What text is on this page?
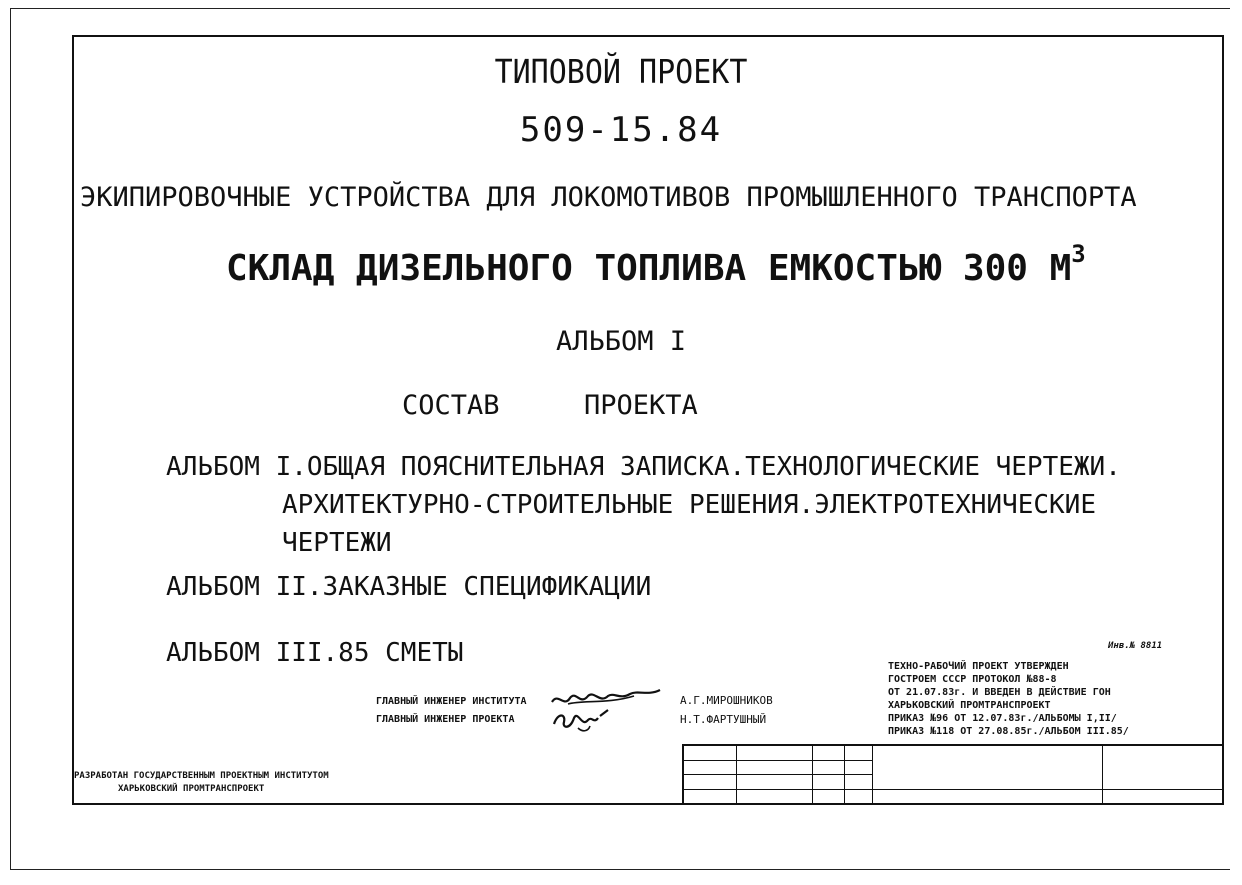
ТИПОВОЙ ПРОЕКТ
509-15.84
ЭКИПИРОВОЧНЫЕ УСТРОЙСТВА ДЛЯ ЛОКОМОТИВОВ ПРОМЫШЛЕННОГО ТРАНСПОРТА
СКЛАД ДИЗЕЛЬНОГО ТОПЛИВА ЕМКОСТЬЮ 300 $М^3$
АЛЬБОМ I
СОСТАВ	ПРОЕКТА
АЛЬБОМ I.ОБЩАЯ ПОЯСНИТЕЛЬНАЯ ЗАПИСКА.ТЕХНОЛОГИЧЕСКИЕ ЧЕРТЕЖИ.
АРХИТЕКТУРНО-СТРОИТЕЛЬНЫЕ РЕШЕНИЯ.ЭЛЕКТРОТЕХНИЧЕСКИЕ
ЧЕРТЕЖИ
АЛЬБОМ II.ЗАКАЗНЫЕ СПЕЦИФИКАЦИИ
АЛЬБОМ III.85 СМЕТЫ
ГЛАВНЫЙ ИНЖЕНЕР ИНСТИТУТА
ГЛАВНЫЙ ИНЖЕНЕР ПРОЕКТА
А.Г.МИРОШНИКОВ
Н.Т.ФАРТУШНЫЙ
ТЕХНО-РАБОЧИЙ ПРОЕКТ УТВЕРЖДЕН
ГОСТРОЕМ СССР ПРОТОКОЛ №88-8
ОТ 21.07.83г. И ВВЕДЕН В ДЕЙСТВИЕ ГОН
ХАРЬКОВСКИЙ ПРОМТРАНСПРОЕКТ
ПРИКАЗ №96 ОТ 12.07.83г./АЛЬБОМЫ I,II/
ПРИКАЗ №118 ОТ 27.08.85г./АЛЬБОМ III.85/
Инв.№ 8811
РАЗРАБОТАН ГОСУДАРСТВЕННЫМ ПРОЕКТНЫМ ИНСТИТУТОМ
ХАРЬКОВСКИЙ ПРОМТРАНСПРОЕКТ
